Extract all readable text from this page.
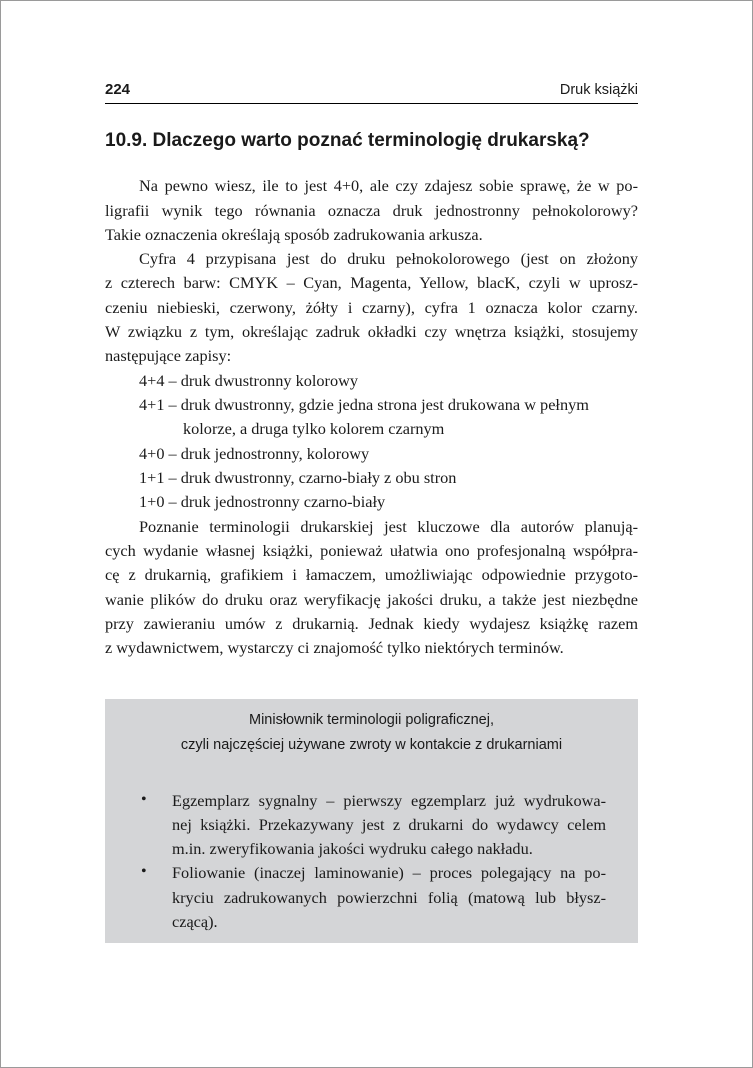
224	Druk książki
10.9. Dlaczego warto poznać terminologię drukarską?
Na pewno wiesz, ile to jest 4+0, ale czy zdajesz sobie sprawę, że w po-
ligrafii wynik tego równania oznacza druk jednostronny pełnokolorowy?
Takie oznaczenia określają sposób zadrukowania arkusza.
Cyfra 4 przypisana jest do druku pełnokolorowego (jest on złożony
z czterech barw: CMYK – Cyan, Magenta, Yellow, blacK, czyli w uprosz-
czeniu niebieski, czerwony, żółty i czarny), cyfra 1 oznacza kolor czarny.
W związku z tym, określając zadruk okładki czy wnętrza książki, stosujemy
następujące zapisy:
4+4 – druk dwustronny kolorowy
4+1 – druk dwustronny, gdzie jedna strona jest drukowana w pełnym
kolorze, a druga tylko kolorem czarnym
4+0 – druk jednostronny, kolorowy
1+1 – druk dwustronny, czarno-biały z obu stron
1+0 – druk jednostronny czarno-biały
Poznanie terminologii drukarskiej jest kluczowe dla autorów planują-
cych wydanie własnej książki, ponieważ ułatwia ono profesjonalną współpra-
cę z drukarnią, grafikiem i łamaczem, umożliwiając odpowiednie przygoto-
wanie plików do druku oraz weryfikację jakości druku, a także jest niezbędne
przy zawieraniu umów z drukarnią. Jednak kiedy wydajesz książkę razem
z wydawnictwem, wystarczy ci znajomość tylko niektórych terminów.
Minisłownik terminologii poligraficznej,
czyli najczęściej używane zwroty w kontakcie z drukarniami
• Egzemplarz sygnalny – pierwszy egzemplarz już wydrukowa-
nej książki. Przekazywany jest z drukarni do wydawcy celem
m.in. zweryfikowania jakości wydruku całego nakładu.
• Foliowanie (inaczej laminowanie) – proces polegający na po-
kryciu zadrukowanych powierzchni folią (matową lub błysz-
czącą).
